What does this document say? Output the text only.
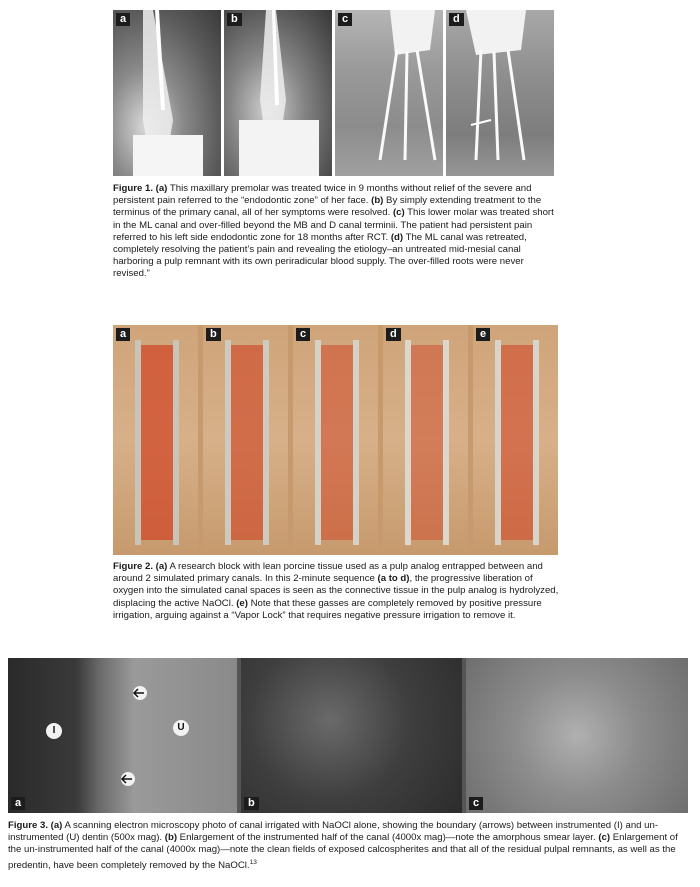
a	b	c	d
Figure 1. (a) This maxillary premolar was treated twice in 9 months without relief of the severe and persistent pain referred to the “endodontic zone” of her face. (b) By simply extending treatment to the terminus of the primary canal, all of her symptoms were resolved. (c) This lower molar was treated short in the ML canal and over-filled beyond the MB and D canal terminii. The patient had persistent pain referred to his left side endodontic zone for 18 months after RCT. (d) The ML canal was retreated, completely resolving the patient’s pain and revealing the etiology–an untreated mid-mesial canal harboring a pulp remnant with its own periradicular blood supply. The over-filled roots were never revised.”
a	b	c	d	e
Figure 2. (a) A research block with lean porcine tissue used as a pulp analog entrapped between and around 2 simulated primary canals. In this 2-minute sequence (a to d), the progressive liberation of oxygen into the simulated canal spaces is seen as the connective tissue in the pulp analog is hydrolyzed, displacing the active NaOCl. (e) Note that these gasses are completely removed by positive pressure irrigation, arguing against a “Vapor Lock” that requires negative pressure irrigation to remove it.
I	U
a	b	c
Figure 3. (a) A scanning electron microscopy photo of canal irrigated with NaOCl alone, showing the boundary (arrows) between instrumented (I) and un-instrumented (U) dentin (500x mag). (b) Enlargement of the instrumented half of the canal (4000x mag)—note the amorphous smear layer. (c) Enlargement of the un-instrumented half of the canal (4000x mag)—note the clean fields of exposed calcospherites and that all of the residual pulpal remnants, as well as the predentin, have been completely removed by the NaOCl.$^{13}$
